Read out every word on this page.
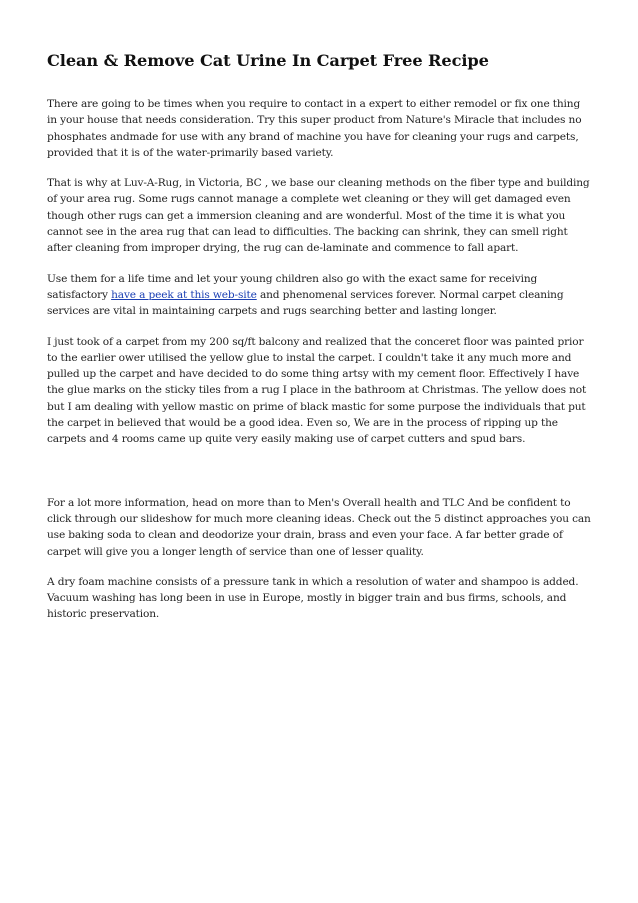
Clean & Remove Cat Urine In Carpet Free Recipe

There are going to be times when you require to contact in a expert to either remodel or fix one thing in your house that needs consideration. Try this super product from Nature's Miracle that includes no phosphates andmade for use with any brand of machine you have for cleaning your rugs and carpets, provided that it is of the water-primarily based variety.

That is why at Luv-A-Rug, in Victoria, BC , we base our cleaning methods on the fiber type and building of your area rug. Some rugs cannot manage a complete wet cleaning or they will get damaged even though other rugs can get a immersion cleaning and are wonderful. Most of the time it is what you cannot see in the area rug that can lead to difficulties. The backing can shrink, they can smell right after cleaning from improper drying, the rug can de-laminate and commence to fall apart.

Use them for a life time and let your young children also go with the exact same for receiving satisfactory have a peek at this web-site and phenomenal services forever. Normal carpet cleaning services are vital in maintaining carpets and rugs searching better and lasting longer.

I just took of a carpet from my 200 sq/ft balcony and realized that the conceret floor was painted prior to the earlier ower utilised the yellow glue to instal the carpet. I couldn't take it any much more and pulled up the carpet and have decided to do some thing artsy with my cement floor. Effectively I have the glue marks on the sticky tiles from a rug I place in the bathroom at Christmas. The yellow does not but I am dealing with yellow mastic on prime of black mastic for some purpose the individuals that put the carpet in believed that would be a good idea. Even so, We are in the process of ripping up the carpets and 4 rooms came up quite very easily making use of carpet cutters and spud bars.

For a lot more information, head on more than to Men's Overall health and TLC And be confident to click through our slideshow for much more cleaning ideas. Check out the 5 distinct approaches you can use baking soda to clean and deodorize your drain, brass and even your face. A far better grade of carpet will give you a longer length of service than one of lesser quality.

A dry foam machine consists of a pressure tank in which a resolution of water and shampoo is added. Vacuum washing has long been in use in Europe, mostly in bigger train and bus firms, schools, and historic preservation.
